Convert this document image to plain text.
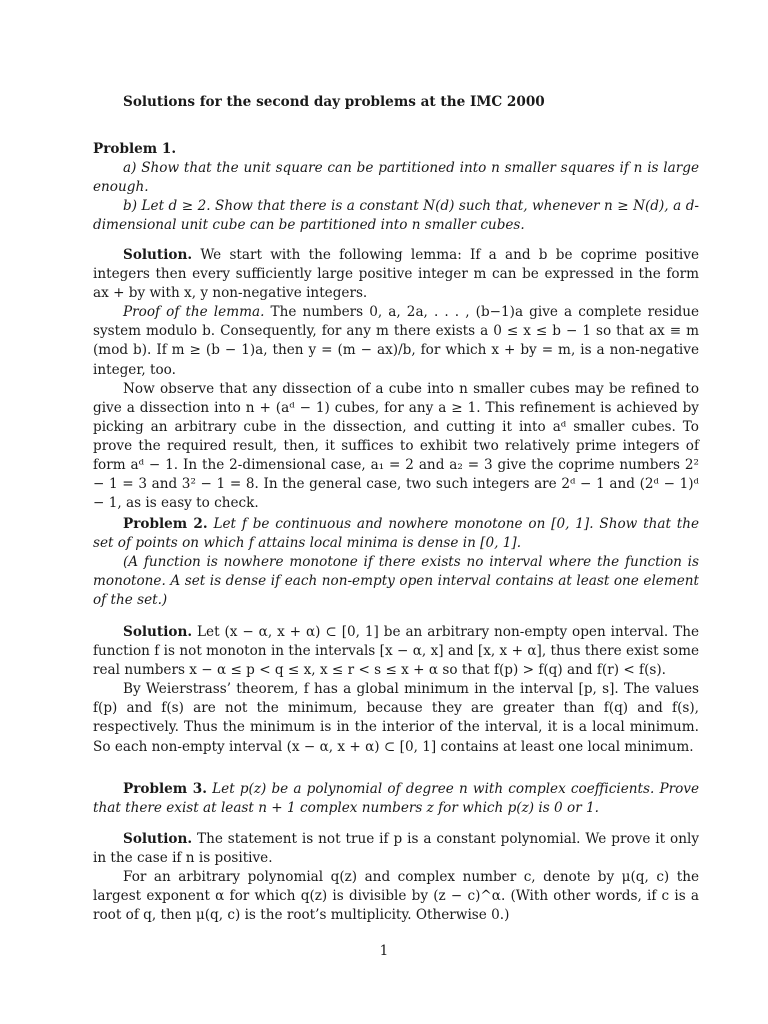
Solutions for the second day problems at the IMC 2000

Problem 1.

a) Show that the unit square can be partitioned into n smaller squares if n is large enough.

b) Let d ≥ 2. Show that there is a constant N(d) such that, whenever n ≥ N(d), a d-dimensional unit cube can be partitioned into n smaller cubes.

Solution. We start with the following lemma: If a and b be coprime positive integers then every sufficiently large positive integer m can be expressed in the form ax + by with x, y non-negative integers.

Proof of the lemma. The numbers 0, a, 2a, . . . , (b−1)a give a complete residue system modulo b. Consequently, for any m there exists a 0 ≤ x ≤ b − 1 so that ax ≡ m (mod b). If m ≥ (b − 1)a, then y = (m − ax)/b, for which x + by = m, is a non-negative integer, too.

Now observe that any dissection of a cube into n smaller cubes may be refined to give a dissection into n + (aᵈ − 1) cubes, for any a ≥ 1. This refinement is achieved by picking an arbitrary cube in the dissection, and cutting it into aᵈ smaller cubes. To prove the required result, then, it suffices to exhibit two relatively prime integers of form aᵈ − 1. In the 2-dimensional case, a₁ = 2 and a₂ = 3 give the coprime numbers 2² − 1 = 3 and 3² − 1 = 8. In the general case, two such integers are 2ᵈ − 1 and (2ᵈ − 1)ᵈ − 1, as is easy to check.

Problem 2. Let f be continuous and nowhere monotone on [0, 1]. Show that the set of points on which f attains local minima is dense in [0, 1].

(A function is nowhere monotone if there exists no interval where the function is monotone. A set is dense if each non-empty open interval contains at least one element of the set.)

Solution. Let (x − α, x + α) ⊂ [0, 1] be an arbitrary non-empty open interval. The function f is not monoton in the intervals [x − α, x] and [x, x + α], thus there exist some real numbers x − α ≤ p < q ≤ x, x ≤ r < s ≤ x + α so that f(p) > f(q) and f(r) < f(s).

By Weierstrass’ theorem, f has a global minimum in the interval [p, s]. The values f(p) and f(s) are not the minimum, because they are greater than f(q) and f(s), respectively. Thus the minimum is in the interior of the interval, it is a local minimum. So each non-empty interval (x − α, x + α) ⊂ [0, 1] contains at least one local minimum.

Problem 3. Let p(z) be a polynomial of degree n with complex coefficients. Prove that there exist at least n + 1 complex numbers z for which p(z) is 0 or 1.

Solution. The statement is not true if p is a constant polynomial. We prove it only in the case if n is positive.

For an arbitrary polynomial q(z) and complex number c, denote by μ(q, c) the largest exponent α for which q(z) is divisible by (z − c)^α. (With other words, if c is a root of q, then μ(q, c) is the root’s multiplicity. Otherwise 0.)

1
